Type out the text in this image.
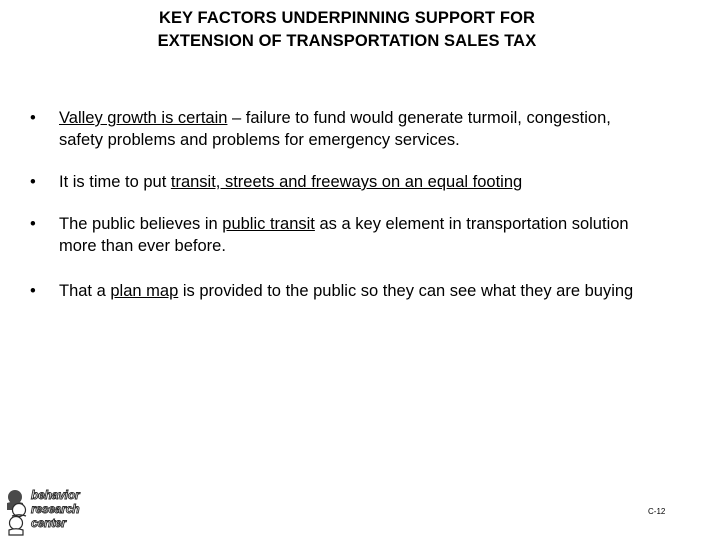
KEY FACTORS UNDERPINNING SUPPORT FOR
EXTENSION OF TRANSPORTATION SALES TAX
•	Valley growth is certain – failure to fund would generate turmoil, congestion,
safety problems and problems for emergency services.
•	It is time to put transit, streets and freeways on an equal footing
•	The public believes in public transit as a key element in transportation solution
more than ever before.
•	That a plan map is provided to the public so they can see what they are buying
behavior
research
center
C-12
